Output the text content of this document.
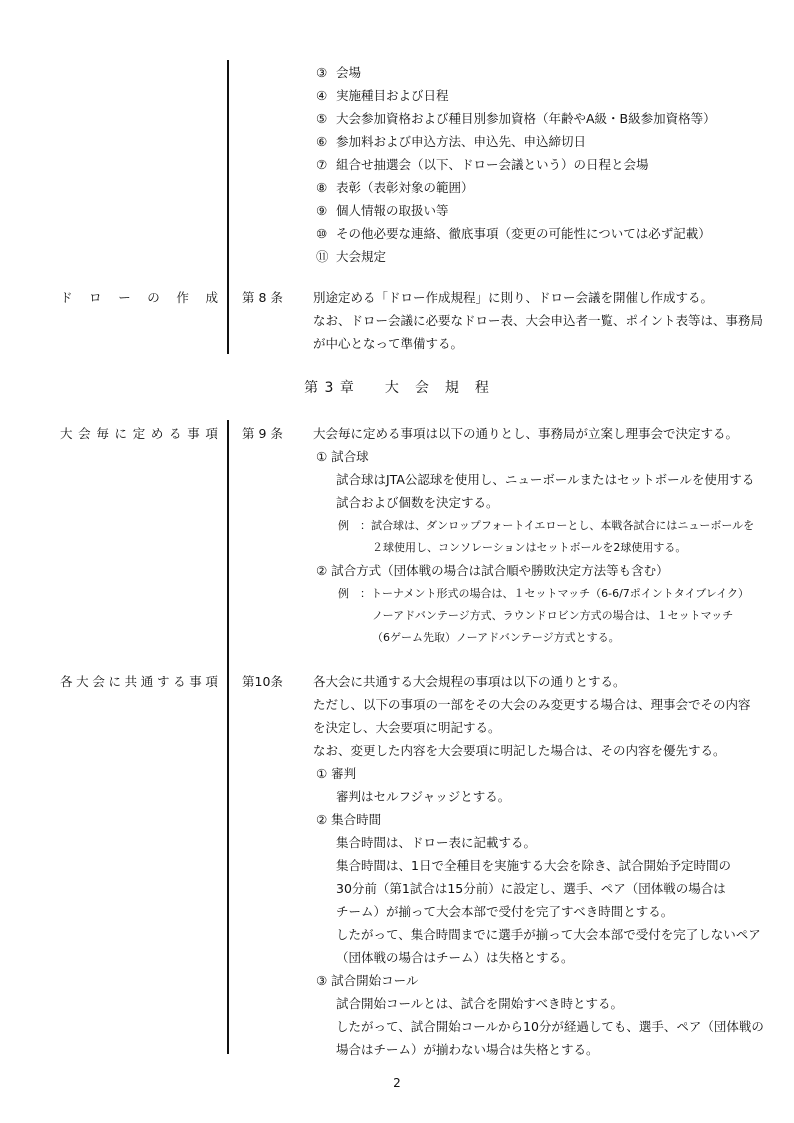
③ 会場
④ 実施種目および日程
⑤ 大会参加資格および種目別参加資格（年齢やA級・B級参加資格等）
⑥ 参加料および申込方法、申込先、申込締切日
⑦ 組合せ抽選会（以下、ドロー会議という）の日程と会場
⑧ 表彰（表彰対象の範囲）
⑨ 個人情報の取扱い等
⑩ その他必要な連絡、徹底事項（変更の可能性については必ず記載）
⑪ 大会規定
ド ロ ー の 作 成 第 8 条 別途定める「ドロー作成規程」に則り、ドロー会議を開催し作成する。
なお、ドロー会議に必要なドロー表、大会申込者一覧、ポイント表等は、事務局
が中心となって準備する。
第 3 章　　大　会　規　程
大 会 毎 に 定 め る 事 項 第 9 条 大会毎に定める事項は以下の通りとし、事務局が立案し理事会で決定する。
① 試合球
試合球はJTA公認球を使用し、ニューボールまたはセットボールを使用する
試合および個数を決定する。
例　：試合球は、ダンロップフォートイエローとし、本戦各試合にはニューボールを
２球使用し、コンソレーションはセットボールを2球使用する。
② 試合方式（団体戦の場合は試合順や勝敗決定方法等も含む）
例　：トーナメント形式の場合は、１セットマッチ（6-6/7ポイントタイブレイク）
ノーアドバンテージ方式、ラウンドロビン方式の場合は、１セットマッチ
（6ゲーム先取）ノーアドバンテージ方式とする。
各 大 会 に 共 通 す る 事 項 第10条 各大会に共通する大会規程の事項は以下の通りとする。
ただし、以下の事項の一部をその大会のみ変更する場合は、理事会でその内容
を決定し、大会要項に明記する。
なお、変更した内容を大会要項に明記した場合は、その内容を優先する。
① 審判
審判はセルフジャッジとする。
② 集合時間
集合時間は、ドロー表に記載する。
集合時間は、1日で全種目を実施する大会を除き、試合開始予定時間の
30分前（第1試合は15分前）に設定し、選手、ペア（団体戦の場合は
チーム）が揃って大会本部で受付を完了すべき時間とする。
したがって、集合時間までに選手が揃って大会本部で受付を完了しないペア
（団体戦の場合はチーム）は失格とする。
③ 試合開始コール
試合開始コールとは、試合を開始すべき時とする。
したがって、試合開始コールから10分が経過しても、選手、ペア（団体戦の
場合はチーム）が揃わない場合は失格とする。
2
